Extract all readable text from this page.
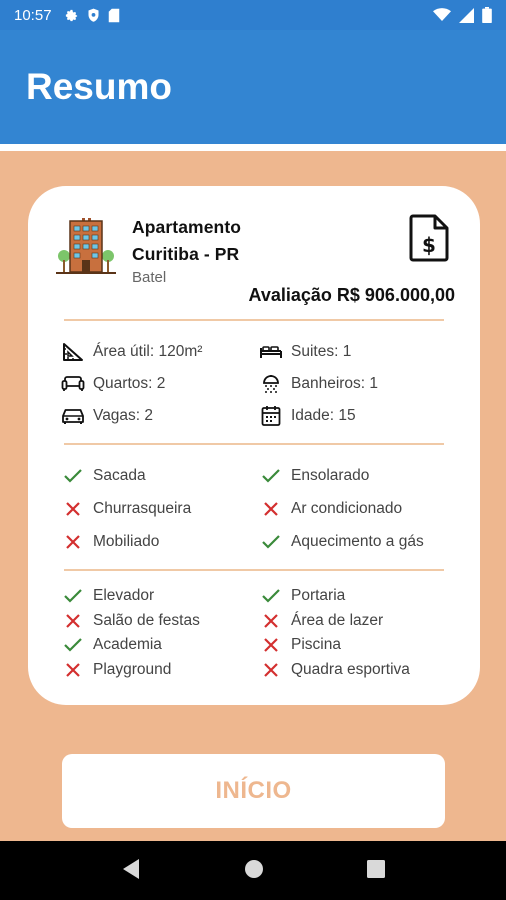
10:57
Resumo
Apartamento
Curitiba - PR
Batel
$
Avaliação R$ 906.000,00
Área útil: 120m²	Suites: 1
Quartos: 2	Banheiros: 1
Vagas: 2	Idade: 15
Sacada	Ensolarado
Churrasqueira	Ar condicionado
Mobiliado	Aquecimento a gás
Elevador	Portaria
Salão de festas	Área de lazer
Academia	Piscina
Playground	Quadra esportiva
INÍCIO
